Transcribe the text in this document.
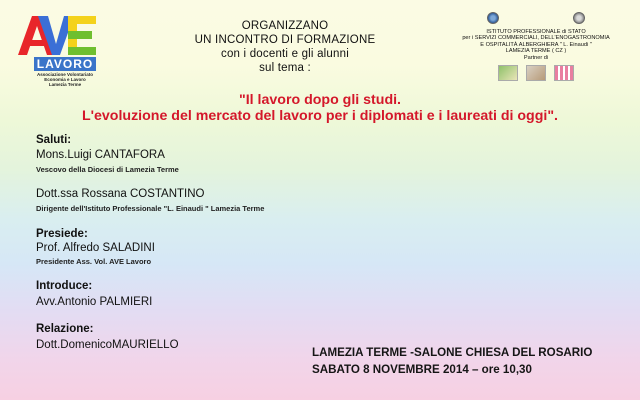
LAVORO
Associazione Volontariato
Economia e Lavoro
Lamezia Terme
ORGANIZZANO
UN INCONTRO DI FORMAZIONE
con i docenti e gli alunni
sul tema :

ISTITUTO PROFESSIONALE di STATO
per i SERVIZI COMMERCIALI, DELL'ENOGASTRONOMIA
E OSPITALITÀ ALBERGHIERA " L. Einaudi "
LAMEZIA TERME ( CZ )
Partner di

"Il lavoro dopo gli studi.
L'evoluzione del mercato del lavoro per i diplomati e i laureati di oggi".
Saluti:
Mons.Luigi CANTAFORA
Vescovo della Diocesi di Lamezia Terme
Dott.ssa Rossana COSTANTINO
Dirigente dell'Istituto Professionale "L. Einaudi " Lamezia Terme
Presiede:
Prof. Alfredo SALADINI
Presidente Ass. Vol. AVE Lavoro
Introduce:
Avv.Antonio PALMIERI
Relazione:
Dott.DomenicoMAURIELLO
LAMEZIA TERME -SALONE CHIESA DEL ROSARIO
SABATO 8 NOVEMBRE 2014 – ore 10,30
